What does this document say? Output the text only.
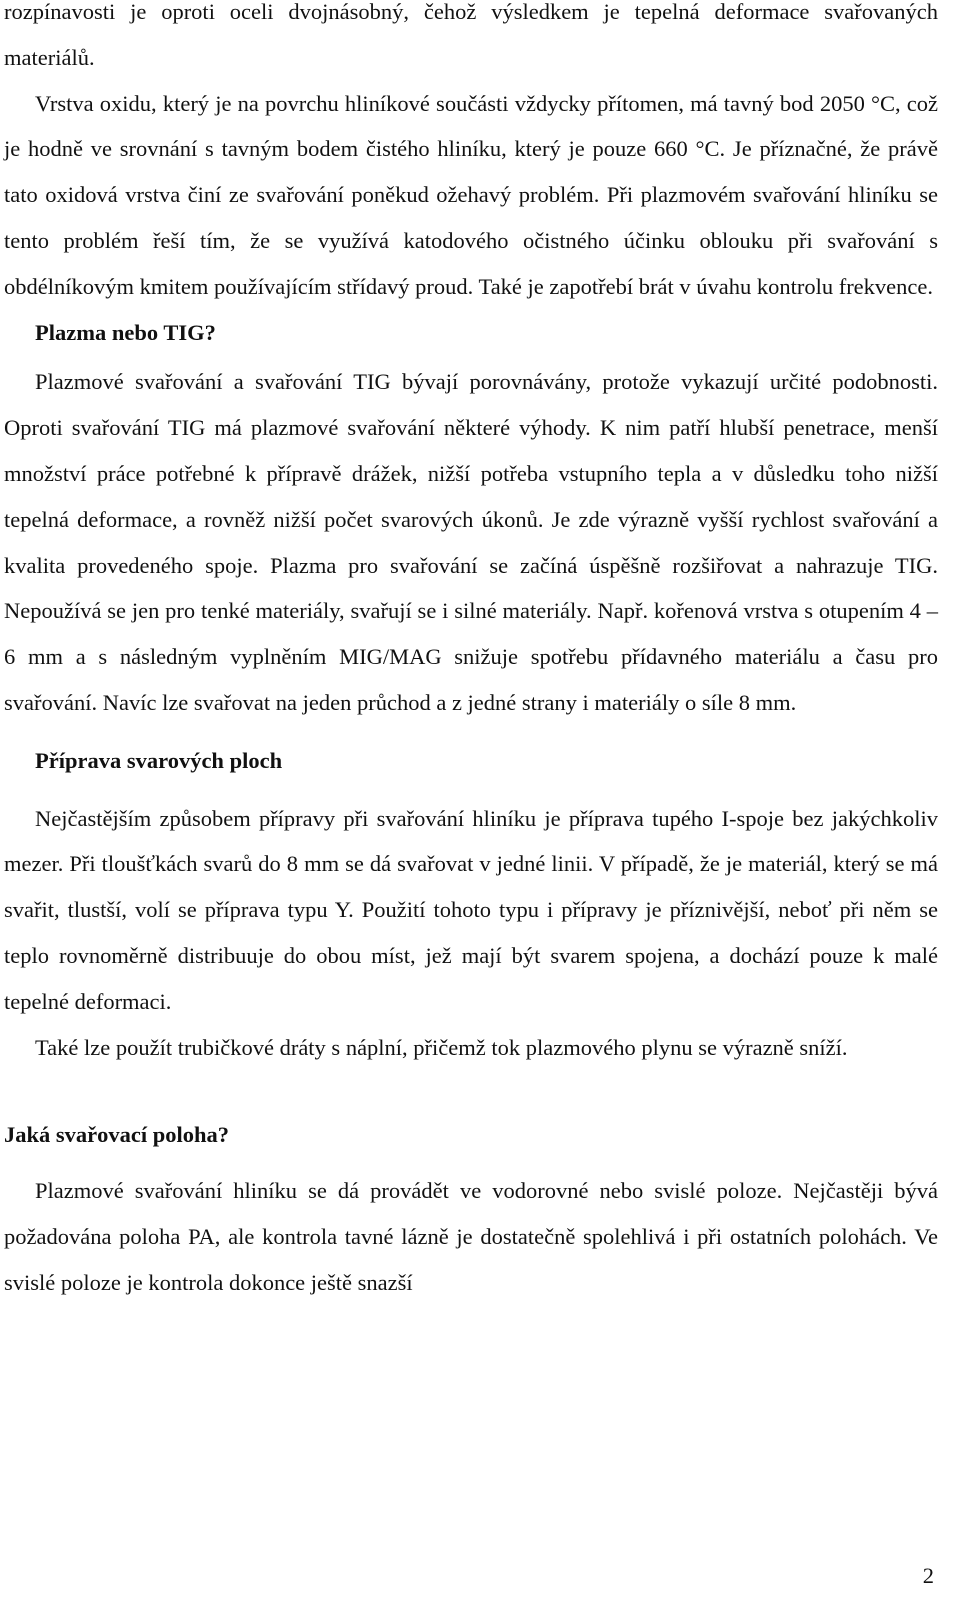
rozpínavosti je oproti oceli dvojnásobný, čehož výsledkem je tepelná deformace svařovaných materiálů.

Vrstva oxidu, který je na povrchu hliníkové součásti vždycky přítomen, má tavný bod 2050 °C, což je hodně ve srovnání s tavným bodem čistého hliníku, který je pouze 660 °C. Je příznačné, že právě tato oxidová vrstva činí ze svařování poněkud ožehavý problém. Při plazmovém svařování hliníku se tento problém řeší tím, že se využívá katodového očistného účinku oblouku při svařování s obdélníkovým kmitem používajícím střídavý proud. Také je zapotřebí brát v úvahu kontrolu frekvence.

Plazma nebo TIG?

Plazmové svařování a svařování TIG bývají porovnávány, protože vykazují určité podobnosti. Oproti svařování TIG má plazmové svařování některé výhody. K nim patří hlubší penetrace, menší množství práce potřebné k přípravě drážek, nižší potřeba vstupního tepla a v důsledku toho nižší tepelná deformace, a rovněž nižší počet svarových úkonů. Je zde výrazně vyšší rychlost svařování a kvalita provedeného spoje. Plazma pro svařování se začíná úspěšně rozšiřovat a nahrazuje TIG. Nepoužívá se jen pro tenké materiály, svařují se i silné materiály. Např. kořenová vrstva s otupením 4 – 6 mm a s následným vyplněním MIG/MAG snižuje spotřebu přídavného materiálu a času pro svařování. Navíc lze svařovat na jeden průchod a z jedné strany i materiály o síle 8 mm.

Příprava svarových ploch

Nejčastějším způsobem přípravy při svařování hliníku je příprava tupého I-spoje bez jakýchkoliv mezer. Při tloušťkách svarů do 8 mm se dá svařovat v jedné linii. V případě, že je materiál, který se má svařit, tlustší, volí se příprava typu Y. Použití tohoto typu i přípravy je příznivější, neboť při něm se teplo rovnoměrně distribuuje do obou míst, jež mají být svarem spojena, a dochází pouze k malé tepelné deformaci.

Také lze použít trubičkové dráty s náplní, přičemž tok plazmového plynu se výrazně sníží.

Jaká svařovací poloha?

Plazmové svařování hliníku se dá provádět ve vodorovné nebo svislé poloze. Nejčastěji bývá požadována poloha PA, ale kontrola tavné lázně je dostatečně spolehlivá i při ostatních polohách. Ve svislé poloze je kontrola dokonce ještě snazší

2
